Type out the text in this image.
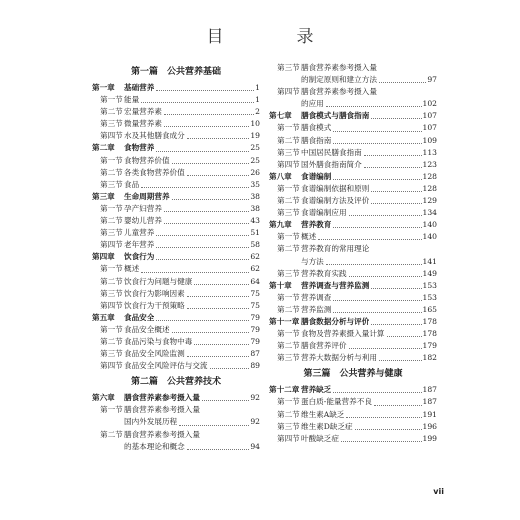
目　录
第一篇　公共营养基础
第一章	基础营养	1
第一节 能量	1
第二节 宏量营养素	2
第三节 微量营养素	10
第四节 水及其他膳食成分	19
第二章	食物营养	25
第一节 食物营养价值	25
第二节 各类食物营养价值	26
第三节 食品	35
第三章	生命周期营养	38
第一节 孕产妇营养	38
第二节 婴幼儿营养	43
第三节 儿童营养	51
第四节 老年营养	58
第四章	饮食行为	62
第一节 概述	62
第二节 饮食行为问题与健康	64
第三节 饮食行为影响因素	75
第四节 饮食行为干预策略	75
第五章	食品安全	79
第一节 食品安全概述	79
第二节 食品污染与食物中毒	79
第三节 食品安全风险监测	87
第四节 食品安全风险评估与交流	89
第二篇　公共营养技术
第六章	膳食营养素参考摄入量	92
第一节 膳食营养素参考摄入量
国内外发展历程	92
第二节 膳食营养素参考摄入量
的基本理论和概念	94
第三节 膳食营养素参考摄入量
的制定原则和建立方法	97
第四节 膳食营养素参考摄入量
的应用	102
第七章	膳食模式与膳食指南	107
第一节 膳食模式	107
第二节 膳食指南	109
第三节 中国居民膳食指南	113
第四节 国外膳食指南简介	123
第八章	食谱编制	128
第一节 食谱编制依据和原则	128
第二节 食谱编制方法及评价	129
第三节 食谱编制应用	134
第九章	营养教育	140
第一节 概述	140
第二节 营养教育的常用理论
与方法	141
第三节 营养教育实践	149
第十章	营养调查与营养监测	153
第一节 营养调查	153
第二节 营养监测	165
第十一章 膳食数据分析与评价	178
第一节 食物及营养素摄入量计算	178
第二节 膳食营养评价	179
第三节 营养大数据分析与利用	182
第三篇　公共营养与健康
第十二章 营养缺乏	187
第一节 蛋白质-能量营养不良	187
第二节 维生素A缺乏	191
第三节 维生素D缺乏症	196
第四节 叶酸缺乏症	199
vii
